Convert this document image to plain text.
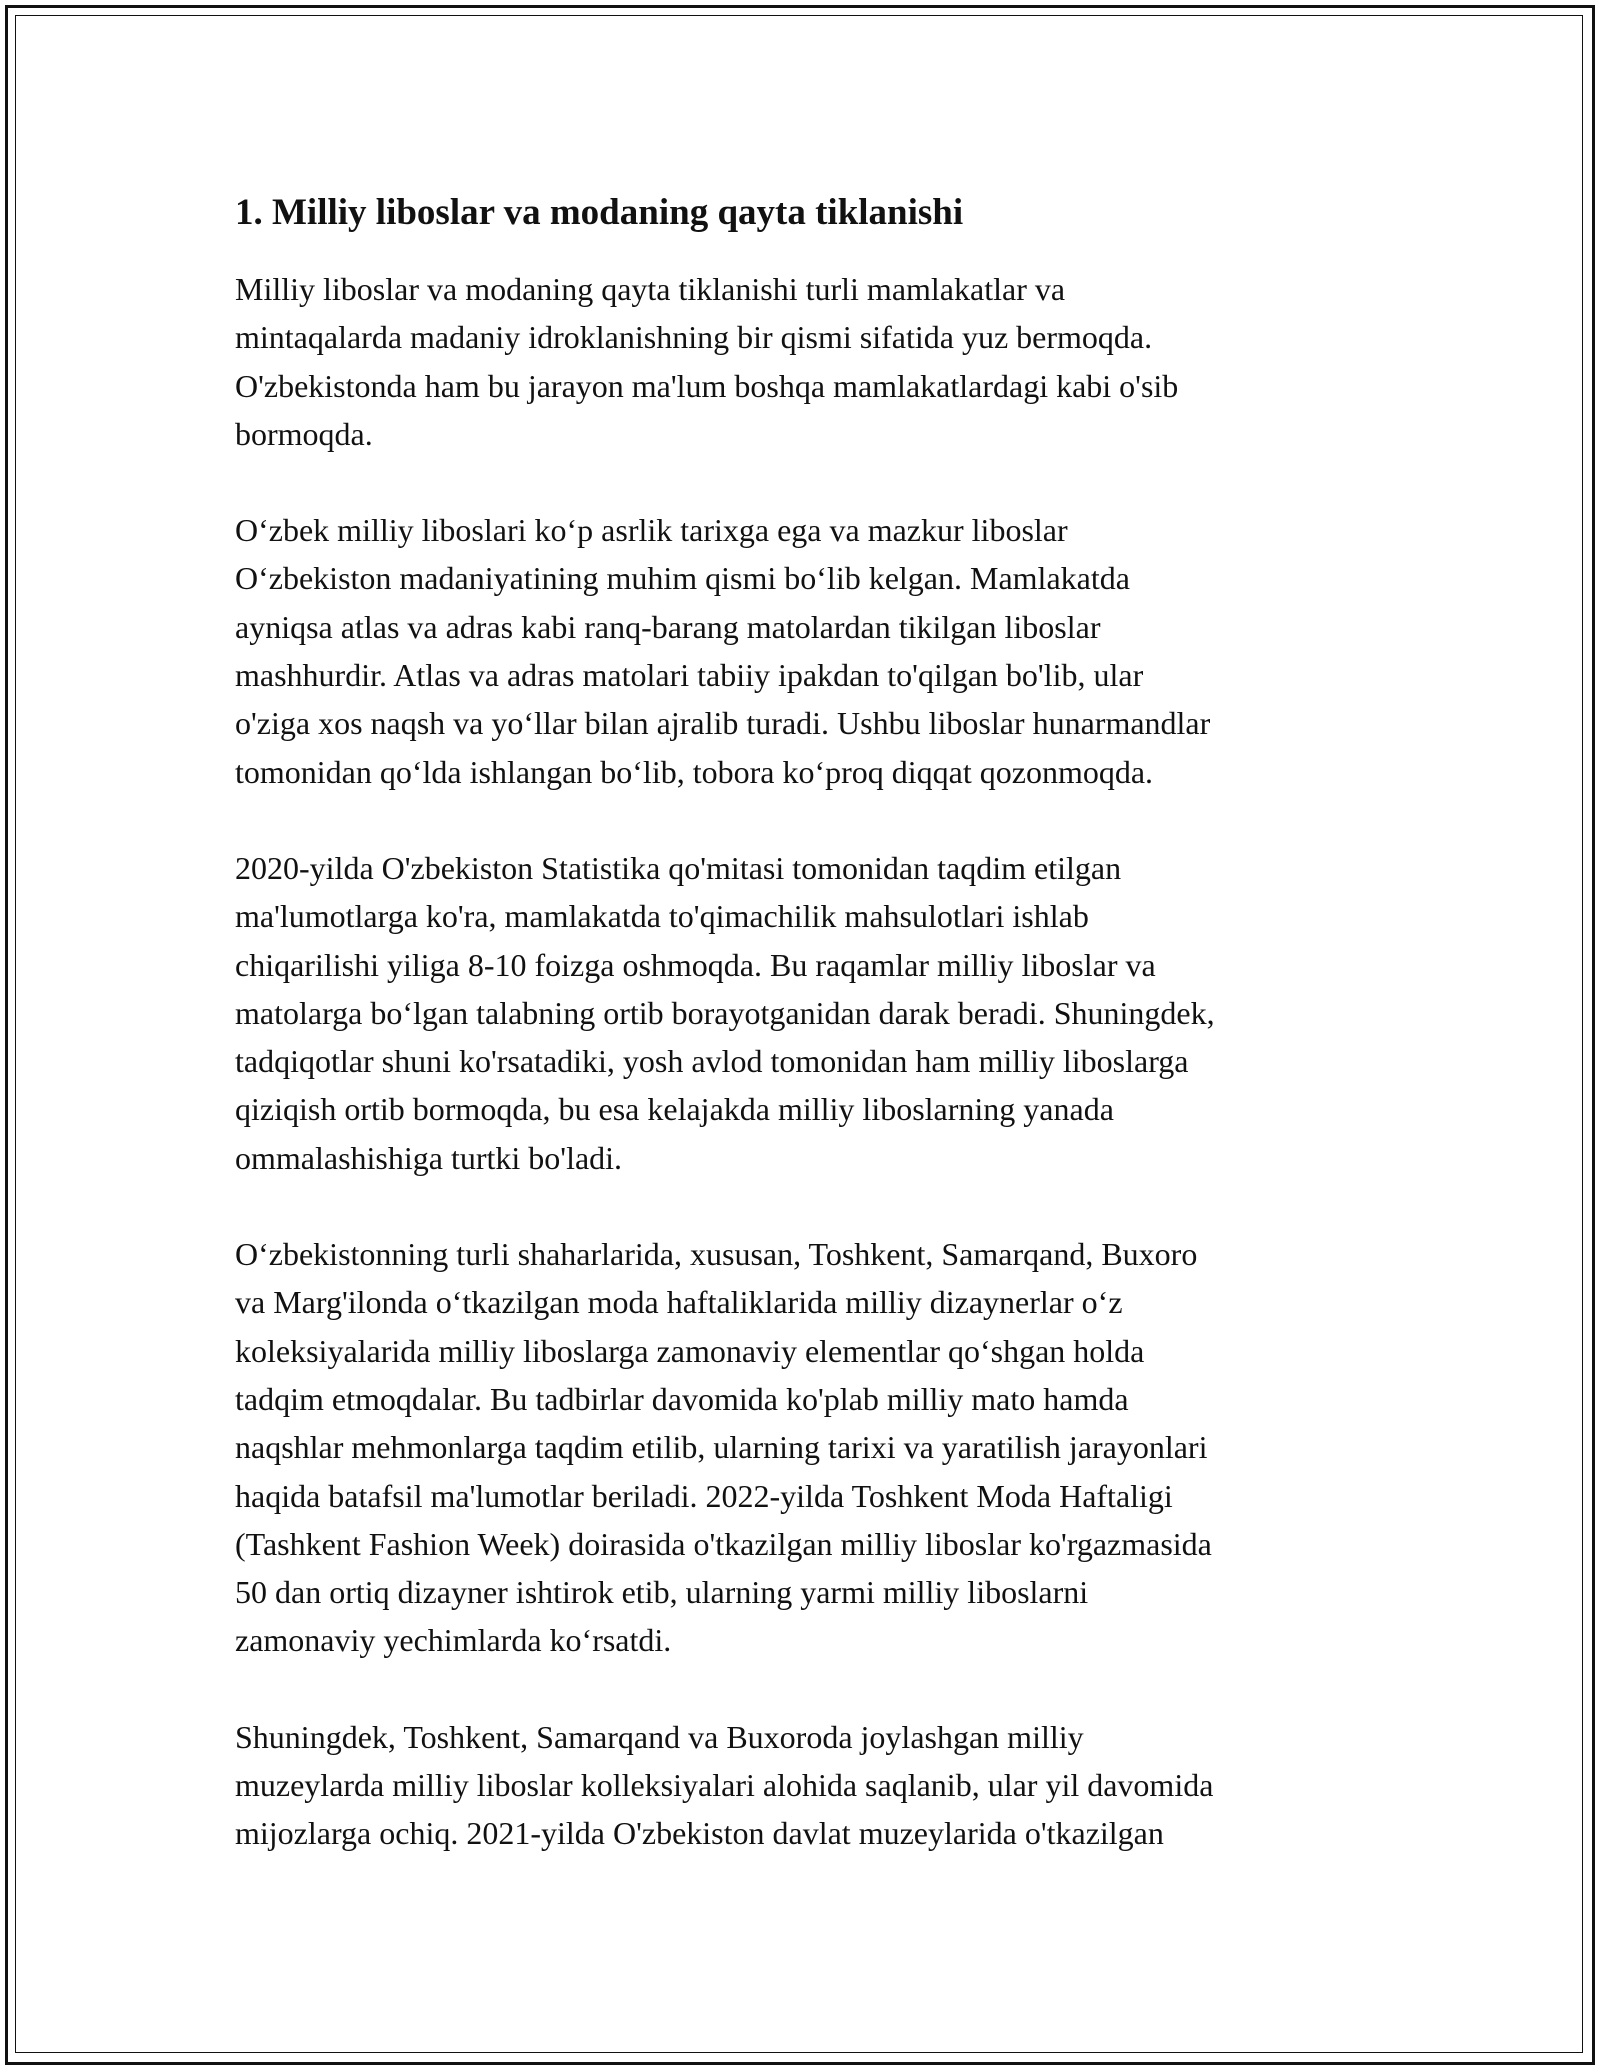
1. Milliy liboslar va modaning qayta tiklanishi

Milliy liboslar va modaning qayta tiklanishi turli mamlakatlar va
mintaqalarda madaniy idroklanishning bir qismi sifatida yuz bermoqda.
O'zbekistonda ham bu jarayon ma'lum boshqa mamlakatlardagi kabi o'sib
bormoqda.

O‘zbek milliy liboslari ko‘p asrlik tarixga ega va mazkur liboslar
O‘zbekiston madaniyatining muhim qismi bo‘lib kelgan. Mamlakatda
ayniqsa atlas va adras kabi ranq-barang matolardan tikilgan liboslar
mashhurdir. Atlas va adras matolari tabiiy ipakdan to'qilgan bo'lib, ular
o'ziga xos naqsh va yo‘llar bilan ajralib turadi. Ushbu liboslar hunarmandlar
tomonidan qo‘lda ishlangan bo‘lib, tobora ko‘proq diqqat qozonmoqda.

2020-yilda O'zbekiston Statistika qo'mitasi tomonidan taqdim etilgan
ma'lumotlarga ko'ra, mamlakatda to'qimachilik mahsulotlari ishlab
chiqarilishi yiliga 8-10 foizga oshmoqda. Bu raqamlar milliy liboslar va
matolarga bo‘lgan talabning ortib borayotganidan darak beradi. Shuningdek,
tadqiqotlar shuni ko'rsatadiki, yosh avlod tomonidan ham milliy liboslarga
qiziqish ortib bormoqda, bu esa kelajakda milliy liboslarning yanada
ommalashishiga turtki bo'ladi.

O‘zbekistonning turli shaharlarida, xususan, Toshkent, Samarqand, Buxoro
va Marg'ilonda o‘tkazilgan moda haftaliklarida milliy dizaynerlar o‘z
koleksiyalarida milliy liboslarga zamonaviy elementlar qo‘shgan holda
tadqim etmoqdalar. Bu tadbirlar davomida ko'plab milliy mato hamda
naqshlar mehmonlarga taqdim etilib, ularning tarixi va yaratilish jarayonlari
haqida batafsil ma'lumotlar beriladi. 2022-yilda Toshkent Moda Haftaligi
(Tashkent Fashion Week) doirasida o'tkazilgan milliy liboslar ko'rgazmasida
50 dan ortiq dizayner ishtirok etib, ularning yarmi milliy liboslarni
zamonaviy yechimlarda ko‘rsatdi.

Shuningdek, Toshkent, Samarqand va Buxoroda joylashgan milliy
muzeylarda milliy liboslar kolleksiyalari alohida saqlanib, ular yil davomida
mijozlarga ochiq. 2021-yilda O'zbekiston davlat muzeylarida o'tkazilgan
